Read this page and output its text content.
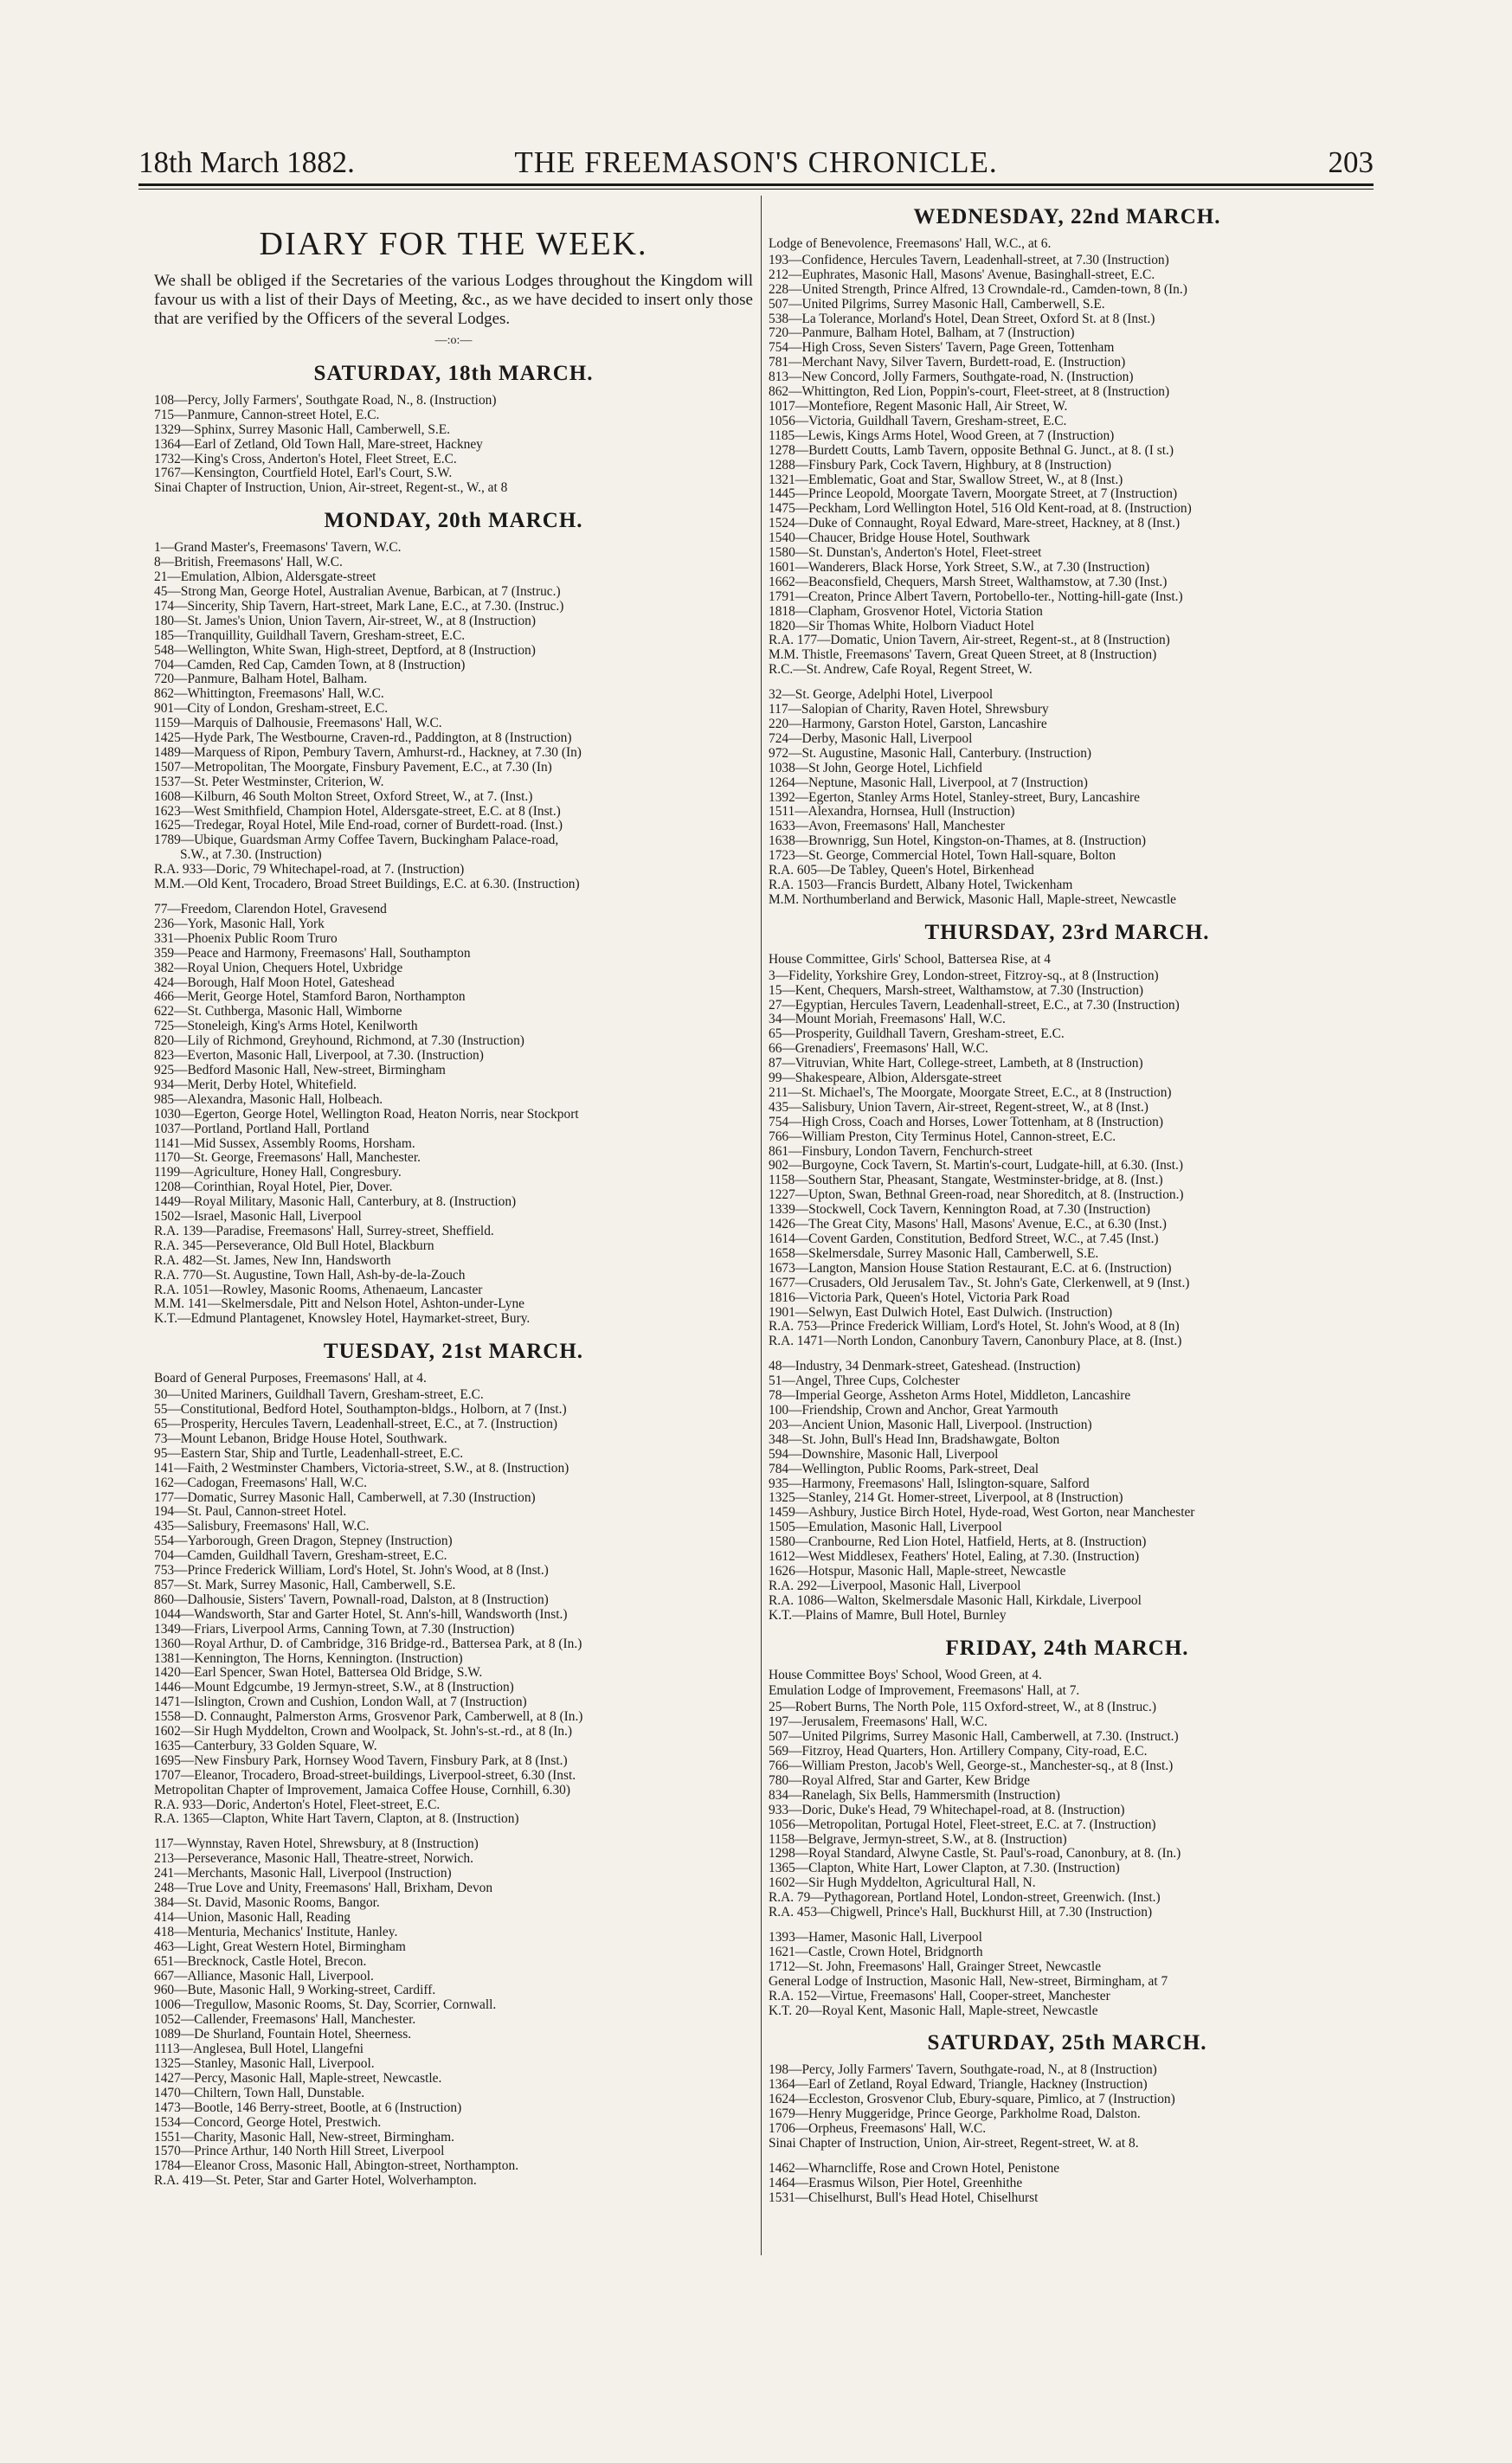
18th March 1882.	THE FREEMASON'S CHRONICLE.	203
DIARY FOR THE WEEK.
We shall be obliged if the Secretaries of the various Lodges throughout the Kingdom will favour us with a list of their Days of Meeting, &c., as we have decided to insert only those that are verified by the Officers of the several Lodges.
—:o:—
SATURDAY, 18th MARCH.
108—Percy, Jolly Farmers', Southgate Road, N., 8. (Instruction)
715—Panmure, Cannon-street Hotel, E.C.
1329—Sphinx, Surrey Masonic Hall, Camberwell, S.E.
1364—Earl of Zetland, Old Town Hall, Mare-street, Hackney
1732—King's Cross, Anderton's Hotel, Fleet Street, E.C.
1767—Kensington, Courtfield Hotel, Earl's Court, S.W.
Sinai Chapter of Instruction, Union, Air-street, Regent-st., W., at 8
MONDAY, 20th MARCH.
1—Grand Master's, Freemasons' Tavern, W.C.
8—British, Freemasons' Hall, W.C.
21—Emulation, Albion, Aldersgate-street
45—Strong Man, George Hotel, Australian Avenue, Barbican, at 7 (Instruc.)
174—Sincerity, Ship Tavern, Hart-street, Mark Lane, E.C., at 7.30. (Instruc.)
180—St. James's Union, Union Tavern, Air-street, W., at 8 (Instruction)
185—Tranquillity, Guildhall Tavern, Gresham-street, E.C.
548—Wellington, White Swan, High-street, Deptford, at 8 (Instruction)
704—Camden, Red Cap, Camden Town, at 8 (Instruction)
720—Panmure, Balham Hotel, Balham.
862—Whittington, Freemasons' Hall, W.C.
901—City of London, Gresham-street, E.C.
1159—Marquis of Dalhousie, Freemasons' Hall, W.C.
1425—Hyde Park, The Westbourne, Craven-rd., Paddington, at 8 (Instruction)
1489—Marquess of Ripon, Pembury Tavern, Amhurst-rd., Hackney, at 7.30 (In)
1507—Metropolitan, The Moorgate, Finsbury Pavement, E.C., at 7.30 (In)
1537—St. Peter Westminster, Criterion, W.
1608—Kilburn, 46 South Molton Street, Oxford Street, W., at 7. (Inst.)
1623—West Smithfield, Champion Hotel, Aldersgate-street, E.C. at 8 (Inst.)
1625—Tredegar, Royal Hotel, Mile End-road, corner of Burdett-road. (Inst.)
1789—Ubique, Guardsman Army Coffee Tavern, Buckingham Palace-road,
S.W., at 7.30. (Instruction)
R.A. 933—Doric, 79 Whitechapel-road, at 7. (Instruction)
M.M.—Old Kent, Trocadero, Broad Street Buildings, E.C. at 6.30. (Instruction)
77—Freedom, Clarendon Hotel, Gravesend
236—York, Masonic Hall, York
331—Phoenix Public Room Truro
359—Peace and Harmony, Freemasons' Hall, Southampton
382—Royal Union, Chequers Hotel, Uxbridge
424—Borough, Half Moon Hotel, Gateshead
466—Merit, George Hotel, Stamford Baron, Northampton
622—St. Cuthberga, Masonic Hall, Wimborne
725—Stoneleigh, King's Arms Hotel, Kenilworth
820—Lily of Richmond, Greyhound, Richmond, at 7.30 (Instruction)
823—Everton, Masonic Hall, Liverpool, at 7.30. (Instruction)
925—Bedford Masonic Hall, New-street, Birmingham
934—Merit, Derby Hotel, Whitefield.
985—Alexandra, Masonic Hall, Holbeach.
1030—Egerton, George Hotel, Wellington Road, Heaton Norris, near Stockport
1037—Portland, Portland Hall, Portland
1141—Mid Sussex, Assembly Rooms, Horsham.
1170—St. George, Freemasons' Hall, Manchester.
1199—Agriculture, Honey Hall, Congresbury.
1208—Corinthian, Royal Hotel, Pier, Dover.
1449—Royal Military, Masonic Hall, Canterbury, at 8. (Instruction)
1502—Israel, Masonic Hall, Liverpool
R.A. 139—Paradise, Freemasons' Hall, Surrey-street, Sheffield.
R.A. 345—Perseverance, Old Bull Hotel, Blackburn
R.A. 482—St. James, New Inn, Handsworth
R.A. 770—St. Augustine, Town Hall, Ash-by-de-la-Zouch
R.A. 1051—Rowley, Masonic Rooms, Athenaeum, Lancaster
M.M. 141—Skelmersdale, Pitt and Nelson Hotel, Ashton-under-Lyne
K.T.—Edmund Plantagenet, Knowsley Hotel, Haymarket-street, Bury.
TUESDAY, 21st MARCH.
Board of General Purposes, Freemasons' Hall, at 4.
30—United Mariners, Guildhall Tavern, Gresham-street, E.C.
55—Constitutional, Bedford Hotel, Southampton-bldgs., Holborn, at 7 (Inst.)
65—Prosperity, Hercules Tavern, Leadenhall-street, E.C., at 7. (Instruction)
73—Mount Lebanon, Bridge House Hotel, Southwark.
95—Eastern Star, Ship and Turtle, Leadenhall-street, E.C.
141—Faith, 2 Westminster Chambers, Victoria-street, S.W., at 8. (Instruction)
162—Cadogan, Freemasons' Hall, W.C.
177—Domatic, Surrey Masonic Hall, Camberwell, at 7.30 (Instruction)
194—St. Paul, Cannon-street Hotel.
435—Salisbury, Freemasons' Hall, W.C.
554—Yarborough, Green Dragon, Stepney (Instruction)
704—Camden, Guildhall Tavern, Gresham-street, E.C.
753—Prince Frederick William, Lord's Hotel, St. John's Wood, at 8 (Inst.)
857—St. Mark, Surrey Masonic, Hall, Camberwell, S.E.
860—Dalhousie, Sisters' Tavern, Pownall-road, Dalston, at 8 (Instruction)
1044—Wandsworth, Star and Garter Hotel, St. Ann's-hill, Wandsworth (Inst.)
1349—Friars, Liverpool Arms, Canning Town, at 7.30 (Instruction)
1360—Royal Arthur, D. of Cambridge, 316 Bridge-rd., Battersea Park, at 8 (In.)
1381—Kennington, The Horns, Kennington. (Instruction)
1420—Earl Spencer, Swan Hotel, Battersea Old Bridge, S.W.
1446—Mount Edgcumbe, 19 Jermyn-street, S.W., at 8 (Instruction)
1471—Islington, Crown and Cushion, London Wall, at 7 (Instruction)
1558—D. Connaught, Palmerston Arms, Grosvenor Park, Camberwell, at 8 (In.)
1602—Sir Hugh Myddelton, Crown and Woolpack, St. John's-st.-rd., at 8 (In.)
1635—Canterbury, 33 Golden Square, W.
1695—New Finsbury Park, Hornsey Wood Tavern, Finsbury Park, at 8 (Inst.)
1707—Eleanor, Trocadero, Broad-street-buildings, Liverpool-street, 6.30 (Inst.
Metropolitan Chapter of Improvement, Jamaica Coffee House, Cornhill, 6.30)
R.A. 933—Doric, Anderton's Hotel, Fleet-street, E.C.
R.A. 1365—Clapton, White Hart Tavern, Clapton, at 8. (Instruction)
117—Wynnstay, Raven Hotel, Shrewsbury, at 8 (Instruction)
213—Perseverance, Masonic Hall, Theatre-street, Norwich.
241—Merchants, Masonic Hall, Liverpool (Instruction)
248—True Love and Unity, Freemasons' Hall, Brixham, Devon
384—St. David, Masonic Rooms, Bangor.
414—Union, Masonic Hall, Reading
418—Menturia, Mechanics' Institute, Hanley.
463—Light, Great Western Hotel, Birmingham
651—Brecknock, Castle Hotel, Brecon.
667—Alliance, Masonic Hall, Liverpool.
960—Bute, Masonic Hall, 9 Working-street, Cardiff.
1006—Tregullow, Masonic Rooms, St. Day, Scorrier, Cornwall.
1052—Callender, Freemasons' Hall, Manchester.
1089—De Shurland, Fountain Hotel, Sheerness.
1113—Anglesea, Bull Hotel, Llangefni
1325—Stanley, Masonic Hall, Liverpool.
1427—Percy, Masonic Hall, Maple-street, Newcastle.
1470—Chiltern, Town Hall, Dunstable.
1473—Bootle, 146 Berry-street, Bootle, at 6 (Instruction)
1534—Concord, George Hotel, Prestwich.
1551—Charity, Masonic Hall, New-street, Birmingham.
1570—Prince Arthur, 140 North Hill Street, Liverpool
1784—Eleanor Cross, Masonic Hall, Abington-street, Northampton.
R.A. 419—St. Peter, Star and Garter Hotel, Wolverhampton.
WEDNESDAY, 22nd MARCH.
Lodge of Benevolence, Freemasons' Hall, W.C., at 6.
193—Confidence, Hercules Tavern, Leadenhall-street, at 7.30 (Instruction)
212—Euphrates, Masonic Hall, Masons' Avenue, Basinghall-street, E.C.
228—United Strength, Prince Alfred, 13 Crowndale-rd., Camden-town, 8 (In.)
507—United Pilgrims, Surrey Masonic Hall, Camberwell, S.E.
538—La Tolerance, Morland's Hotel, Dean Street, Oxford St. at 8 (Inst.)
720—Panmure, Balham Hotel, Balham, at 7 (Instruction)
754—High Cross, Seven Sisters' Tavern, Page Green, Tottenham
781—Merchant Navy, Silver Tavern, Burdett-road, E. (Instruction)
813—New Concord, Jolly Farmers, Southgate-road, N. (Instruction)
862—Whittington, Red Lion, Poppin's-court, Fleet-street, at 8 (Instruction)
1017—Montefiore, Regent Masonic Hall, Air Street, W.
1056—Victoria, Guildhall Tavern, Gresham-street, E.C.
1185—Lewis, Kings Arms Hotel, Wood Green, at 7 (Instruction)
1278—Burdett Coutts, Lamb Tavern, opposite Bethnal G. Junct., at 8. (I st.)
1288—Finsbury Park, Cock Tavern, Highbury, at 8 (Instruction)
1321—Emblematic, Goat and Star, Swallow Street, W., at 8 (Inst.)
1445—Prince Leopold, Moorgate Tavern, Moorgate Street, at 7 (Instruction)
1475—Peckham, Lord Wellington Hotel, 516 Old Kent-road, at 8. (Instruction)
1524—Duke of Connaught, Royal Edward, Mare-street, Hackney, at 8 (Inst.)
1540—Chaucer, Bridge House Hotel, Southwark
1580—St. Dunstan's, Anderton's Hotel, Fleet-street
1601—Wanderers, Black Horse, York Street, S.W., at 7.30 (Instruction)
1662—Beaconsfield, Chequers, Marsh Street, Walthamstow, at 7.30 (Inst.)
1791—Creaton, Prince Albert Tavern, Portobello-ter., Notting-hill-gate (Inst.)
1818—Clapham, Grosvenor Hotel, Victoria Station
1820—Sir Thomas White, Holborn Viaduct Hotel
R.A. 177—Domatic, Union Tavern, Air-street, Regent-st., at 8 (Instruction)
M.M. Thistle, Freemasons' Tavern, Great Queen Street, at 8 (Instruction)
R.C.—St. Andrew, Cafe Royal, Regent Street, W.
32—St. George, Adelphi Hotel, Liverpool
117—Salopian of Charity, Raven Hotel, Shrewsbury
220—Harmony, Garston Hotel, Garston, Lancashire
724—Derby, Masonic Hall, Liverpool
972—St. Augustine, Masonic Hall, Canterbury. (Instruction)
1038—St John, George Hotel, Lichfield
1264—Neptune, Masonic Hall, Liverpool, at 7 (Instruction)
1392—Egerton, Stanley Arms Hotel, Stanley-street, Bury, Lancashire
1511—Alexandra, Hornsea, Hull (Instruction)
1633—Avon, Freemasons' Hall, Manchester
1638—Brownrigg, Sun Hotel, Kingston-on-Thames, at 8. (Instruction)
1723—St. George, Commercial Hotel, Town Hall-square, Bolton
R.A. 605—De Tabley, Queen's Hotel, Birkenhead
R.A. 1503—Francis Burdett, Albany Hotel, Twickenham
M.M. Northumberland and Berwick, Masonic Hall, Maple-street, Newcastle
THURSDAY, 23rd MARCH.
House Committee, Girls' School, Battersea Rise, at 4
3—Fidelity, Yorkshire Grey, London-street, Fitzroy-sq., at 8 (Instruction)
15—Kent, Chequers, Marsh-street, Walthamstow, at 7.30 (Instruction)
27—Egyptian, Hercules Tavern, Leadenhall-street, E.C., at 7.30 (Instruction)
34—Mount Moriah, Freemasons' Hall, W.C.
65—Prosperity, Guildhall Tavern, Gresham-street, E.C.
66—Grenadiers', Freemasons' Hall, W.C.
87—Vitruvian, White Hart, College-street, Lambeth, at 8 (Instruction)
99—Shakespeare, Albion, Aldersgate-street
211—St. Michael's, The Moorgate, Moorgate Street, E.C., at 8 (Instruction)
435—Salisbury, Union Tavern, Air-street, Regent-street, W., at 8 (Inst.)
754—High Cross, Coach and Horses, Lower Tottenham, at 8 (Instruction)
766—William Preston, City Terminus Hotel, Cannon-street, E.C.
861—Finsbury, London Tavern, Fenchurch-street
902—Burgoyne, Cock Tavern, St. Martin's-court, Ludgate-hill, at 6.30. (Inst.)
1158—Southern Star, Pheasant, Stangate, Westminster-bridge, at 8. (Inst.)
1227—Upton, Swan, Bethnal Green-road, near Shoreditch, at 8. (Instruction.)
1339—Stockwell, Cock Tavern, Kennington Road, at 7.30 (Instruction)
1426—The Great City, Masons' Hall, Masons' Avenue, E.C., at 6.30 (Inst.)
1614—Covent Garden, Constitution, Bedford Street, W.C., at 7.45 (Inst.)
1658—Skelmersdale, Surrey Masonic Hall, Camberwell, S.E.
1673—Langton, Mansion House Station Restaurant, E.C. at 6. (Instruction)
1677—Crusaders, Old Jerusalem Tav., St. John's Gate, Clerkenwell, at 9 (Inst.)
1816—Victoria Park, Queen's Hotel, Victoria Park Road
1901—Selwyn, East Dulwich Hotel, East Dulwich. (Instruction)
R.A. 753—Prince Frederick William, Lord's Hotel, St. John's Wood, at 8 (In)
R.A. 1471—North London, Canonbury Tavern, Canonbury Place, at 8. (Inst.)
48—Industry, 34 Denmark-street, Gateshead. (Instruction)
51—Angel, Three Cups, Colchester
78—Imperial George, Assheton Arms Hotel, Middleton, Lancashire
100—Friendship, Crown and Anchor, Great Yarmouth
203—Ancient Union, Masonic Hall, Liverpool. (Instruction)
348—St. John, Bull's Head Inn, Bradshawgate, Bolton
594—Downshire, Masonic Hall, Liverpool
784—Wellington, Public Rooms, Park-street, Deal
935—Harmony, Freemasons' Hall, Islington-square, Salford
1325—Stanley, 214 Gt. Homer-street, Liverpool, at 8 (Instruction)
1459—Ashbury, Justice Birch Hotel, Hyde-road, West Gorton, near Manchester
1505—Emulation, Masonic Hall, Liverpool
1580—Cranbourne, Red Lion Hotel, Hatfield, Herts, at 8. (Instruction)
1612—West Middlesex, Feathers' Hotel, Ealing, at 7.30. (Instruction)
1626—Hotspur, Masonic Hall, Maple-street, Newcastle
R.A. 292—Liverpool, Masonic Hall, Liverpool
R.A. 1086—Walton, Skelmersdale Masonic Hall, Kirkdale, Liverpool
K.T.—Plains of Mamre, Bull Hotel, Burnley
FRIDAY, 24th MARCH.
House Committee Boys' School, Wood Green, at 4.
Emulation Lodge of Improvement, Freemasons' Hall, at 7.
25—Robert Burns, The North Pole, 115 Oxford-street, W., at 8 (Instruc.)
197—Jerusalem, Freemasons' Hall, W.C.
507—United Pilgrims, Surrey Masonic Hall, Camberwell, at 7.30. (Instruct.)
569—Fitzroy, Head Quarters, Hon. Artillery Company, City-road, E.C.
766—William Preston, Jacob's Well, George-st., Manchester-sq., at 8 (Inst.)
780—Royal Alfred, Star and Garter, Kew Bridge
834—Ranelagh, Six Bells, Hammersmith (Instruction)
933—Doric, Duke's Head, 79 Whitechapel-road, at 8. (Instruction)
1056—Metropolitan, Portugal Hotel, Fleet-street, E.C. at 7. (Instruction)
1158—Belgrave, Jermyn-street, S.W., at 8. (Instruction)
1298—Royal Standard, Alwyne Castle, St. Paul's-road, Canonbury, at 8. (In.)
1365—Clapton, White Hart, Lower Clapton, at 7.30. (Instruction)
1602—Sir Hugh Myddelton, Agricultural Hall, N.
R.A. 79—Pythagorean, Portland Hotel, London-street, Greenwich. (Inst.)
R.A. 453—Chigwell, Prince's Hall, Buckhurst Hill, at 7.30 (Instruction)
1393—Hamer, Masonic Hall, Liverpool
1621—Castle, Crown Hotel, Bridgnorth
1712—St. John, Freemasons' Hall, Grainger Street, Newcastle
General Lodge of Instruction, Masonic Hall, New-street, Birmingham, at 7
R.A. 152—Virtue, Freemasons' Hall, Cooper-street, Manchester
K.T. 20—Royal Kent, Masonic Hall, Maple-street, Newcastle
SATURDAY, 25th MARCH.
198—Percy, Jolly Farmers' Tavern, Southgate-road, N., at 8 (Instruction)
1364—Earl of Zetland, Royal Edward, Triangle, Hackney (Instruction)
1624—Eccleston, Grosvenor Club, Ebury-square, Pimlico, at 7 (Instruction)
1679—Henry Muggeridge, Prince George, Parkholme Road, Dalston.
1706—Orpheus, Freemasons' Hall, W.C.
Sinai Chapter of Instruction, Union, Air-street, Regent-street, W. at 8.
1462—Wharncliffe, Rose and Crown Hotel, Penistone
1464—Erasmus Wilson, Pier Hotel, Greenhithe
1531—Chiselhurst, Bull's Head Hotel, Chiselhurst
